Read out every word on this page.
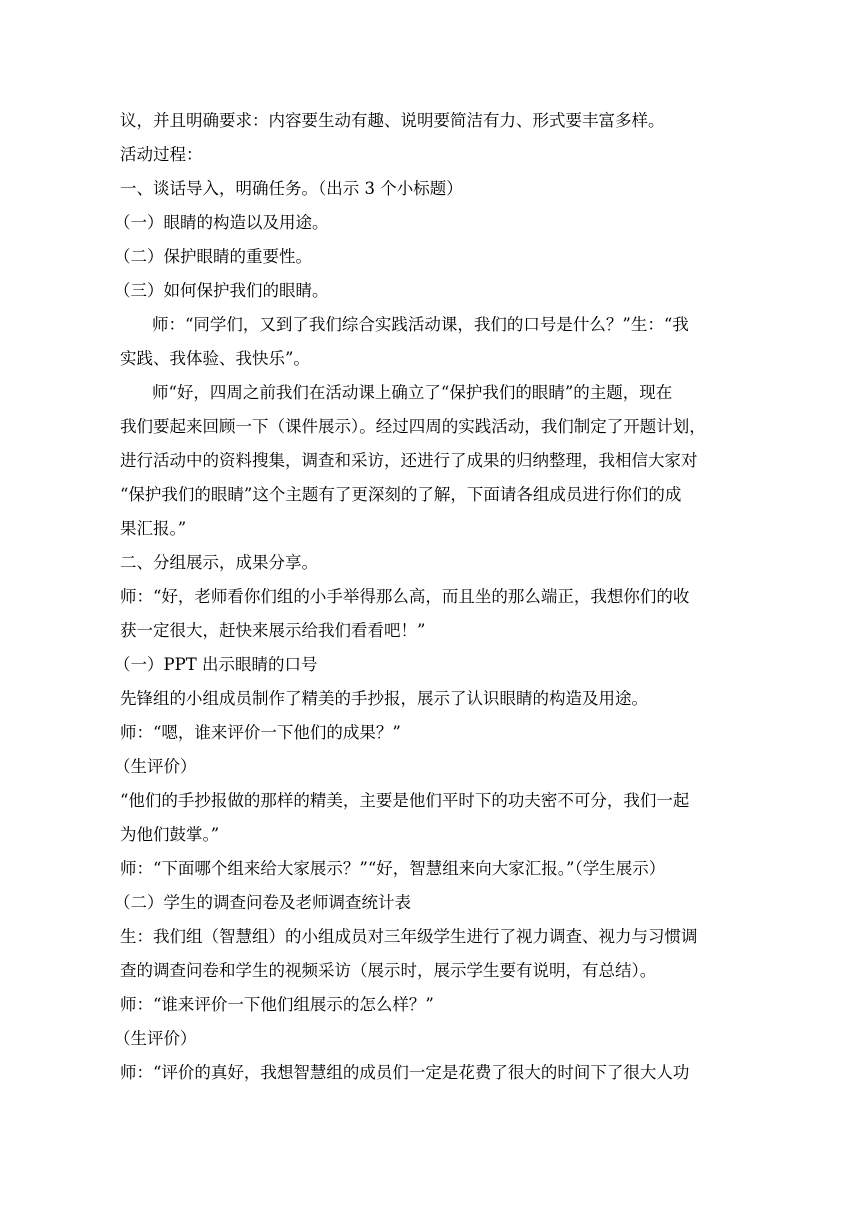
议，并且明确要求：内容要生动有趣、说明要简洁有力、形式要丰富多样。
活动过程：
一、谈话导入，明确任务。（出示 3 个小标题）
（一）眼睛的构造以及用途。
（二）保护眼睛的重要性。
（三）如何保护我们的眼睛。
师：“同学们，又到了我们综合实践活动课，我们的口号是什么？”生：“我
实践、我体验、我快乐”。
师“好，四周之前我们在活动课上确立了“保护我们的眼睛”的主题，现在
我们要起来回顾一下（课件展示）。经过四周的实践活动，我们制定了开题计划，
进行活动中的资料搜集，调查和采访，还进行了成果的归纳整理，我相信大家对
“保护我们的眼睛”这个主题有了更深刻的了解，下面请各组成员进行你们的成
果汇报。”
二、分组展示，成果分享。
师：“好，老师看你们组的小手举得那么高，而且坐的那么端正，我想你们的收
获一定很大，赶快来展示给我们看看吧！”
（一）PPT 出示眼睛的口号
先锋组的小组成员制作了精美的手抄报，展示了认识眼睛的构造及用途。
师：“嗯，谁来评价一下他们的成果？”
（生评价）
“他们的手抄报做的那样的精美，主要是他们平时下的功夫密不可分，我们一起
为他们鼓掌。”
师：“下面哪个组来给大家展示？”“好，智慧组来向大家汇报。”（学生展示）
（二）学生的调查问卷及老师调查统计表
生：我们组（智慧组）的小组成员对三年级学生进行了视力调查、视力与习惯调
查的调查问卷和学生的视频采访（展示时，展示学生要有说明，有总结）。
师：“谁来评价一下他们组展示的怎么样？”
（生评价）
师：“评价的真好，我想智慧组的成员们一定是花费了很大的时间下了很大人功
